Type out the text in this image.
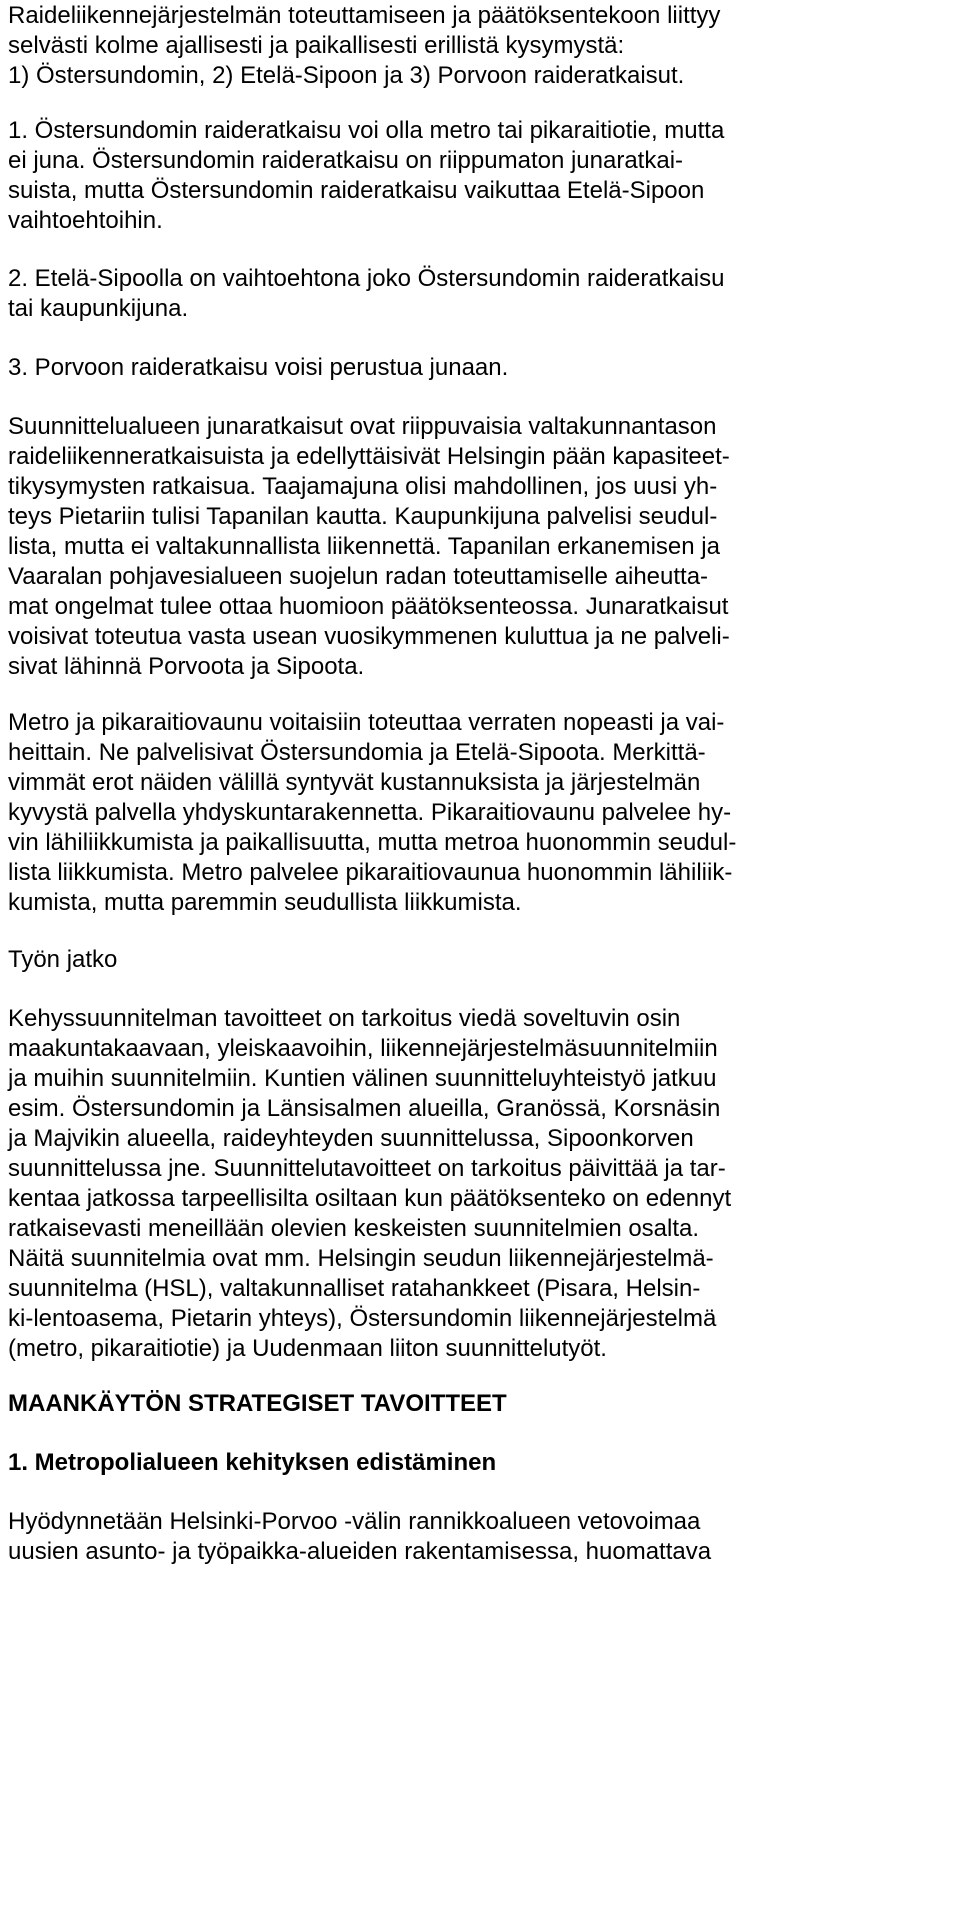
Raideliikennejärjestelmän toteuttamiseen ja päätöksentekoon liittyy
selvästi kolme ajallisesti ja paikallisesti erillistä kysymystä:
1) Östersundomin, 2) Etelä-Sipoon ja 3) Porvoon raideratkaisut.
1. Östersundomin raideratkaisu voi olla metro tai pikaraitiotie, mutta
ei juna. Östersundomin raideratkaisu on riippumaton junaratkai-
suista, mutta Östersundomin raideratkaisu vaikuttaa Etelä-Sipoon
vaihtoehtoihin.
2. Etelä-Sipoolla on vaihtoehtona joko Östersundomin raideratkaisu
tai kaupunkijuna.
3. Porvoon raideratkaisu voisi perustua junaan.
Suunnittelualueen junaratkaisut ovat riippuvaisia valtakunnantason
raideliikenneratkaisuista ja edellyttäisivät Helsingin pään kapasiteet-
tikysymysten ratkaisua. Taajamajuna olisi mahdollinen, jos uusi yh-
teys Pietariin tulisi Tapanilan kautta. Kaupunkijuna palvelisi seudul-
lista, mutta ei valtakunnallista liikennettä. Tapanilan erkanemisen ja
Vaaralan pohjavesialueen suojelun radan toteuttamiselle aiheutta-
mat ongelmat tulee ottaa huomioon päätöksenteossa. Junaratkaisut
voisivat toteutua vasta usean vuosikymmenen kuluttua ja ne palveli-
sivat lähinnä Porvoota ja Sipoota.
Metro ja pikaraitiovaunu voitaisiin toteuttaa verraten nopeasti ja vai-
heittain. Ne palvelisivat Östersundomia ja Etelä-Sipoota. Merkittä-
vimmät erot näiden välillä syntyvät kustannuksista ja järjestelmän
kyvystä palvella yhdyskuntarakennetta. Pikaraitiovaunu palvelee hy-
vin lähiliikkumista ja paikallisuutta, mutta metroa huonommin seudul-
lista liikkumista. Metro palvelee pikaraitiovaunua huonommin lähiliik-
kumista, mutta paremmin seudullista liikkumista.
Työn jatko
Kehyssuunnitelman tavoitteet on tarkoitus viedä soveltuvin osin
maakuntakaavaan, yleiskaavoihin, liikennejärjestelmäsuunnitelmiin
ja muihin suunnitelmiin. Kuntien välinen suunnitteluyhteistyö jatkuu
esim. Östersundomin ja Länsisalmen alueilla, Granössä, Korsnäsin
ja Majvikin alueella, raideyhteyden suunnittelussa, Sipoonkorven
suunnittelussa jne. Suunnittelutavoitteet on tarkoitus päivittää ja tar-
kentaa jatkossa tarpeellisilta osiltaan kun päätöksenteko on edennyt
ratkaisevasti meneillään olevien keskeisten suunnitelmien osalta.
Näitä suunnitelmia ovat mm. Helsingin seudun liikennejärjestelmä-
suunnitelma (HSL), valtakunnalliset ratahankkeet (Pisara, Helsin-
ki-lentoasema, Pietarin yhteys), Östersundomin liikennejärjestelmä
(metro, pikaraitiotie) ja Uudenmaan liiton suunnittelutyöt.
MAANKÄYTÖN STRATEGISET TAVOITTEET
1. Metropolialueen kehityksen edistäminen
Hyödynnetään Helsinki-Porvoo -välin rannikkoalueen vetovoimaa
uusien asunto- ja työpaikka-alueiden rakentamisessa, huomattava
